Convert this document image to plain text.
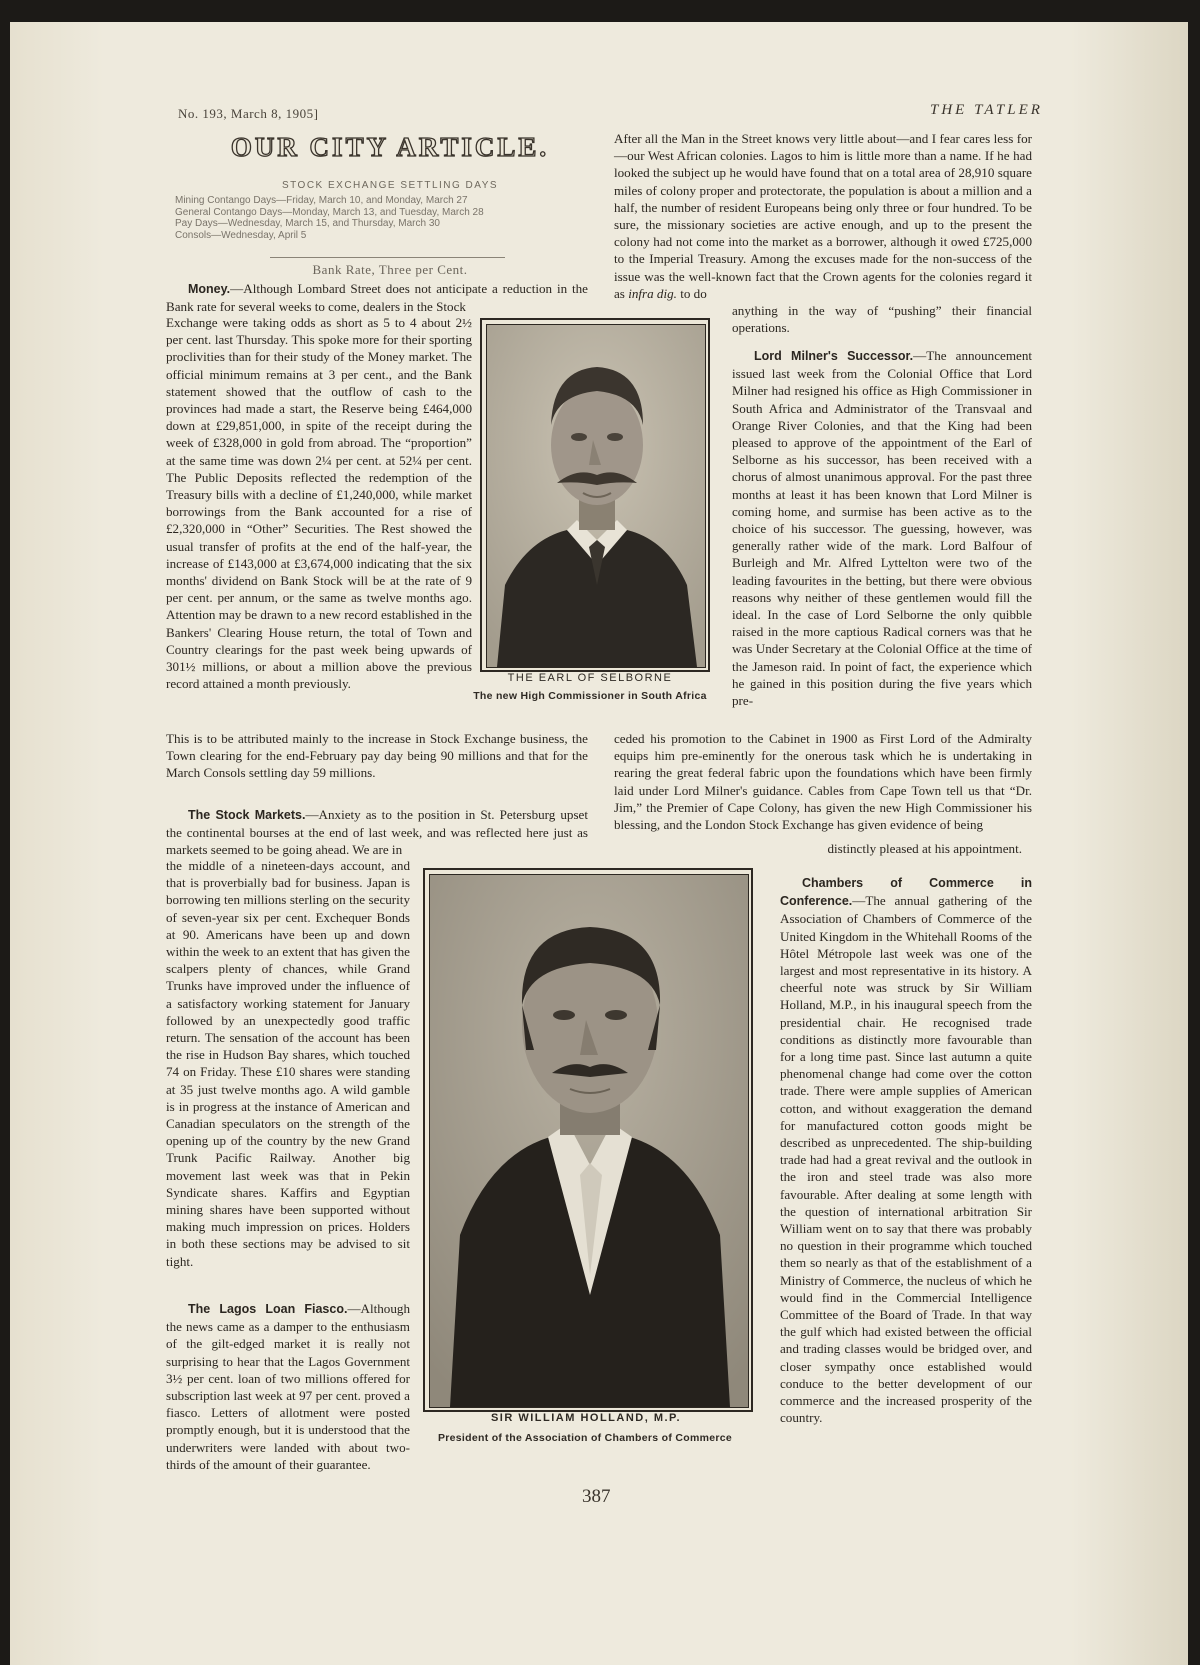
No. 193, March 8, 1905]	THE TATLER
OUR CITY ARTICLE.
STOCK EXCHANGE SETTLING DAYS
Mining Contango Days—Friday, March 10, and Monday, March 27
General Contango Days—Monday, March 13, and Tuesday, March 28
Pay Days—Wednesday, March 15, and Thursday, March 30
Consols—Wednesday, April 5
Bank Rate, Three per Cent.

Money.—Although Lombard Street does not anticipate a reduction in the Bank rate for several weeks to come, dealers in the Stock

Exchange were taking odds as short as 5 to 4 about 2½ per cent. last Thursday. This spoke more for their sporting proclivities than for their study of the Money market. The official minimum remains at 3 per cent., and the Bank statement showed that the outflow of cash to the provinces had made a start, the Reserve being £464,000 down at £29,851,000, in spite of the receipt during the week of £328,000 in gold from abroad. The “proportion” at the same time was down 2¼ per cent. at 52¼ per cent. The Public Deposits reflected the redemption of the Treasury bills with a decline of £1,240,000, while market borrowings from the Bank accounted for a rise of £2,320,000 in “Other” Securities. The Rest showed the usual transfer of profits at the end of the half-year, the increase of £143,000 at £3,674,000 indicating that the six months' dividend on Bank Stock will be at the rate of 9 per cent. per annum, or the same as twelve months ago. Attention may be drawn to a new record established in the Bankers' Clearing House return, the total of Town and Country clearings for the past week being upwards of 301½ millions, or about a million above the previous record attained a month previously.

This is to be attributed mainly to the increase in Stock Exchange business, the Town clearing for the end-February pay day being 90 millions and that for the March Consols settling day 59 millions.

The Stock Markets.—Anxiety as to the position in St. Petersburg upset the continental bourses at the end of last week, and was reflected here just as markets seemed to be going ahead. We are in

the middle of a nineteen-days account, and that is proverbially bad for business. Japan is borrowing ten millions sterling on the security of seven-year six per cent. Exchequer Bonds at 90. Americans have been up and down within the week to an extent that has given the scalpers plenty of chances, while Grand Trunks have improved under the influence of a satisfactory working statement for January followed by an unexpectedly good traffic return. The sensation of the account has been the rise in Hudson Bay shares, which touched 74 on Friday. These £10 shares were standing at 35 just twelve months ago. A wild gamble is in progress at the instance of American and Canadian speculators on the strength of the opening up of the country by the new Grand Trunk Pacific Railway. Another big movement last week was that in Pekin Syndicate shares. Kaffirs and Egyptian mining shares have been supported without making much impression on prices. Holders in both these sections may be advised to sit tight.

The Lagos Loan Fiasco.—Although the news came as a damper to the enthusiasm of the gilt-edged market it is really not surprising to hear that the Lagos Government 3½ per cent. loan of two millions offered for subscription last week at 97 per cent. proved a fiasco. Letters of allotment were posted promptly enough, but it is understood that the underwriters were landed with about two-thirds of the amount of their guarantee.

After all the Man in the Street knows very little about—and I fear cares less for—our West African colonies. Lagos to him is little more than a name. If he had looked the subject up he would have found that on a total area of 28,910 square miles of colony proper and protectorate, the population is about a million and a half, the number of resident Europeans being only three or four hundred. To be sure, the missionary societies are active enough, and up to the present the colony had not come into the market as a borrower, although it owed £725,000 to the Imperial Treasury. Among the excuses made for the non-success of the issue was the well-known fact that the Crown agents for the colonies regard it as infra dig. to do

anything in the way of “pushing” their financial operations.

Lord Milner's Successor.—The announcement issued last week from the Colonial Office that Lord Milner had resigned his office as High Commissioner in South Africa and Administrator of the Transvaal and Orange River Colonies, and that the King had been pleased to approve of the appointment of the Earl of Selborne as his successor, has been received with a chorus of almost unanimous approval. For the past three months at least it has been known that Lord Milner is coming home, and surmise has been active as to the choice of his successor. The guessing, however, was generally rather wide of the mark. Lord Balfour of Burleigh and Mr. Alfred Lyttelton were two of the leading favourites in the betting, but there were obvious reasons why neither of these gentlemen would fill the ideal. In the case of Lord Selborne the only quibble raised in the more captious Radical corners was that he was Under Secretary at the Colonial Office at the time of the Jameson raid. In point of fact, the experience which he gained in this position during the five years which pre-

ceded his promotion to the Cabinet in 1900 as First Lord of the Admiralty equips him pre-eminently for the onerous task which he is undertaking in rearing the great federal fabric upon the foundations which have been firmly laid under Lord Milner's guidance. Cables from Cape Town tell us that “Dr. Jim,” the Premier of Cape Colony, has given the new High Commissioner his blessing, and the London Stock Exchange has given evidence of being

distinctly pleased at his appointment.

Chambers of Commerce in Conference.—The annual gathering of the Association of Chambers of Commerce of the United Kingdom in the Whitehall Rooms of the Hôtel Métropole last week was one of the largest and most representative in its history. A cheerful note was struck by Sir William Holland, M.P., in his inaugural speech from the presidential chair. He recognised trade conditions as distinctly more favourable than for a long time past. Since last autumn a quite phenomenal change had come over the cotton trade. There were ample supplies of American cotton, and without exaggeration the demand for manufactured cotton goods might be described as unprecedented. The ship-building trade had had a great revival and the outlook in the iron and steel trade was also more favourable. After dealing at some length with the question of international arbitration Sir William went on to say that there was probably no question in their programme which touched them so nearly as that of the establishment of a Ministry of Commerce, the nucleus of which he would find in the Commercial Intelligence Committee of the Board of Trade. In that way the gulf which had existed between the official and trading classes would be bridged over, and closer sympathy once established would conduce to the better development of our commerce and the increased prosperity of the country.

THE EARL OF SELBORNE
The new High Commissioner in South Africa
SIR WILLIAM HOLLAND, M.P.
President of the Association of Chambers of Commerce
387
